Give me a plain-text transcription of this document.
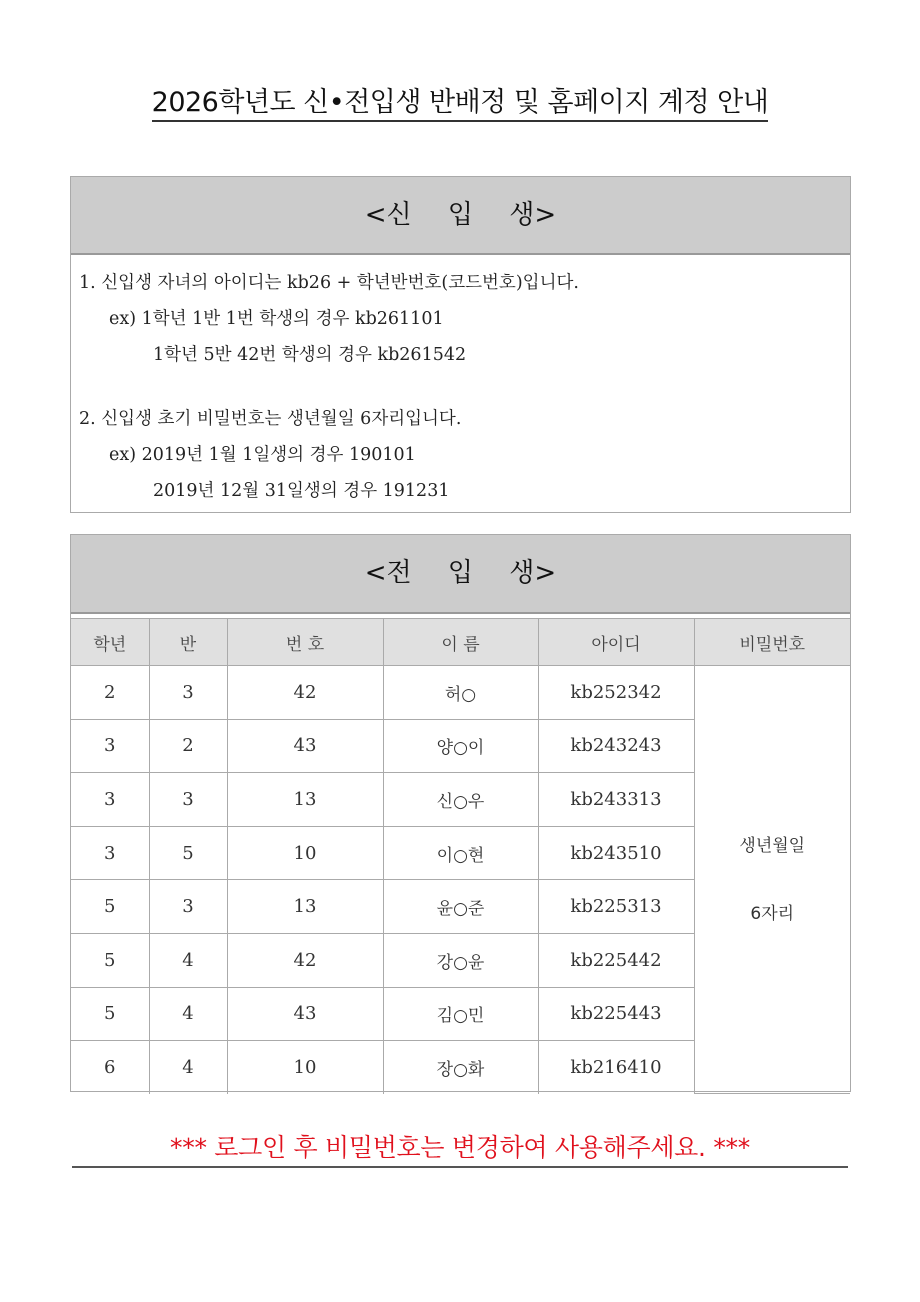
2026학년도 신•전입생 반배정 및 홈페이지 계정 안내
<신 입 생>
1. 신입생 자녀의 아이디는 kb26 + 학년반번호(코드번호)입니다.
ex) 1학년 1반 1번 학생의 경우 kb261101
1학년 5반 42번 학생의 경우 kb261542
2. 신입생 초기 비밀번호는 생년월일 6자리입니다.
ex) 2019년 1월 1일생의 경우 190101
2019년 12월 31일생의 경우 191231
<전 입 생>
학년	반	번 호	이 름	아이디	비밀번호
2	3	42	허○	kb252342	생년월일
6자리

3	2	43	양○이	kb243243	
3	3	13	신○우	kb243313	
3	5	10	이○현	kb243510	
5	3	13	윤○준	kb225313	
5	4	42	강○윤	kb225442	
5	4	43	김○민	kb225443	
6	4	10	장○화	kb216410	
*** 로그인 후 비밀번호는 변경하여 사용해주세요. ***
